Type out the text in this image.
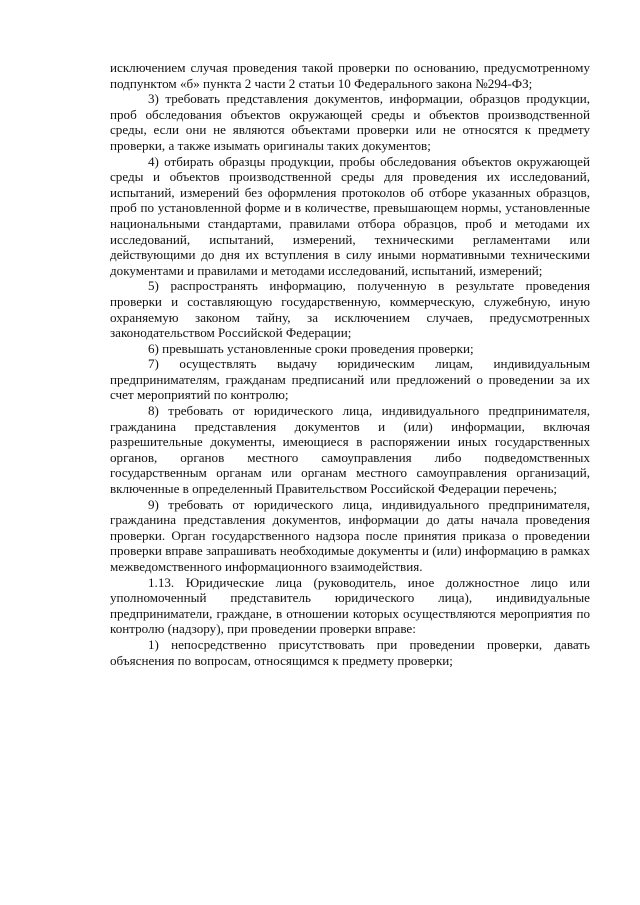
исключением случая проведения такой проверки по основанию, предусмотренному подпунктом «б» пункта 2 части 2 статьи 10 Федерального закона №294-ФЗ;

3) требовать представления документов, информации, образцов продукции, проб обследования объектов окружающей среды и объектов производственной среды, если они не являются объектами проверки или не относятся к предмету проверки, а также изымать оригиналы таких документов;

4) отбирать образцы продукции, пробы обследования объектов окружающей среды и объектов производственной среды для проведения их исследований, испытаний, измерений без оформления протоколов об отборе указанных образцов, проб по установленной форме и в количестве, превышающем нормы, установленные национальными стандартами, правилами отбора образцов, проб и методами их исследований, испытаний, измерений, техническими регламентами или действующими до дня их вступления в силу иными нормативными техническими документами и правилами и методами исследований, испытаний, измерений;

5) распространять информацию, полученную в результате проведения проверки и составляющую государственную, коммерческую, служебную, иную охраняемую законом тайну, за исключением случаев, предусмотренных законодательством Российской Федерации;

6) превышать установленные сроки проведения проверки;

7) осуществлять выдачу юридическим лицам, индивидуальным предпринимателям, гражданам предписаний или предложений о проведении за их счет мероприятий по контролю;

8) требовать от юридического лица, индивидуального предпринимателя, гражданина представления документов и (или) информации, включая разрешительные документы, имеющиеся в распоряжении иных государственных органов, органов местного самоуправления либо подведомственных государственным органам или органам местного самоуправления организаций, включенные в определенный Правительством Российской Федерации перечень;

9) требовать от юридического лица, индивидуального предпринимателя, гражданина представления документов, информации до даты начала проведения проверки. Орган государственного надзора после принятия приказа о проведении проверки вправе запрашивать необходимые документы и (или) информацию в рамках межведомственного информационного взаимодействия.

1.13. Юридические лица (руководитель, иное должностное лицо или уполномоченный представитель юридического лица), индивидуальные предприниматели, граждане, в отношении которых осуществляются мероприятия по контролю (надзору), при проведении проверки вправе:

1) непосредственно присутствовать при проведении проверки, давать объяснения по вопросам, относящимся к предмету проверки;
